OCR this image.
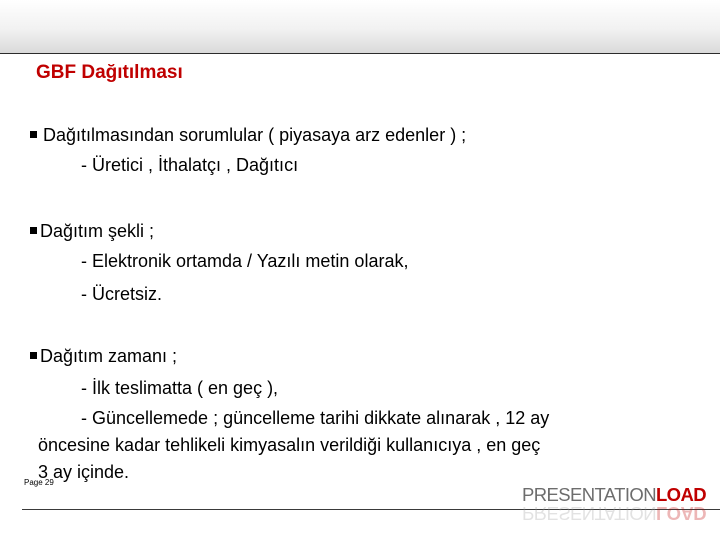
GBF Dağıtılması
Dağıtılmasından sorumlular ( piyasaya arz edenler ) ;
- Üretici , İthalatçı , Dağıtıcı
Dağıtım şekli ;
- Elektronik ortamda / Yazılı metin olarak,
- Ücretsiz.
Dağıtım zamanı ;
- İlk teslimatta ( en geç ),
- Güncellemede ; güncelleme tarihi dikkate alınarak , 12 ay
öncesine kadar tehlikeli kimyasalın verildiği kullanıcıya , en geç
3 ay içinde.
Page 29
PRESENTATIONLOAD
PRESENTATIONLOAD
